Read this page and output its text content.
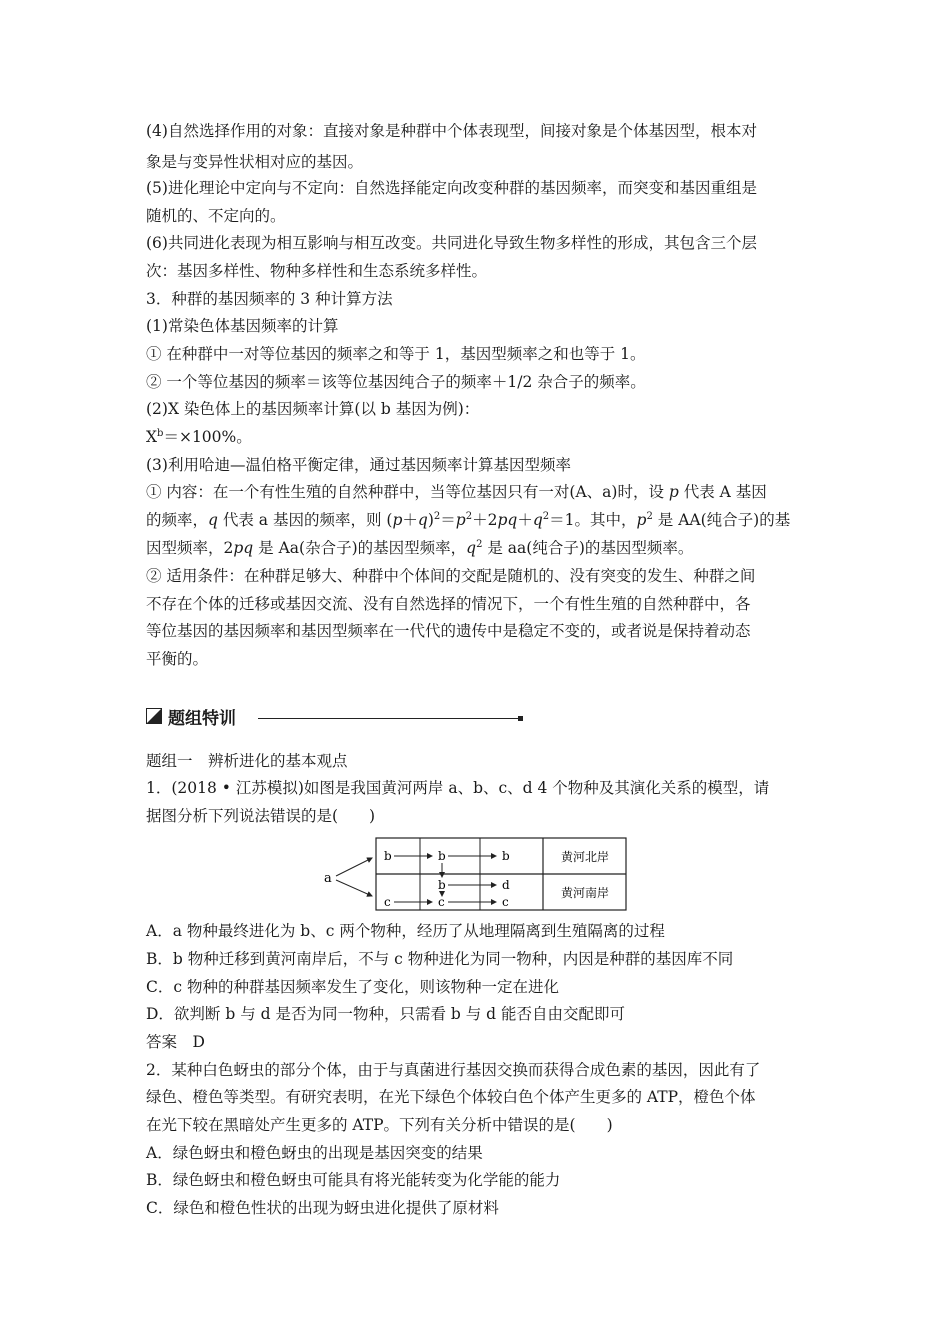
(4)自然选择作用的对象：直接对象是种群中个体表现型，间接对象是个体基因型，根本对
象是与变异性状相对应的基因。
(5)进化理论中定向与不定向：自然选择能定向改变种群的基因频率，而突变和基因重组是
随机的、不定向的。
(6)共同进化表现为相互影响与相互改变。共同进化导致生物多样性的形成，其包含三个层
次：基因多样性、物种多样性和生态系统多样性。
3．种群的基因频率的 3 种计算方法
(1)常染色体基因频率的计算
① 在种群中一对等位基因的频率之和等于 1，基因型频率之和也等于 1。
② 一个等位基因的频率＝该等位基因纯合子的频率＋1/2 杂合子的频率。
(2)X 染色体上的基因频率计算(以 b 基因为例)：
$X^b=\times 100\%$。
(3)利用哈迪—温伯格平衡定律，通过基因频率计算基因型频率
① 内容：在一个有性生殖的自然种群中，当等位基因只有一对(A、a)时，设 p 代表 A 基因
的频率，q 代表 a 基因的频率，则 $(p+q)^2=p^2+2pq+q^2=1$。其中，$p^2$ 是 AA(纯合子)的基
因型频率，2pq 是 Aa(杂合子)的基因型频率，$q^2$ 是 aa(纯合子)的基因型频率。
② 适用条件：在种群足够大、种群中个体间的交配是随机的、没有突变的发生、种群之间
不存在个体的迁移或基因交流、没有自然选择的情况下，一个有性生殖的自然种群中，各
等位基因的基因频率和基因型频率在一代代的遗传中是稳定不变的，或者说是保持着动态
平衡的。
题组特训
题组一　辨析进化的基本观点
1．(2018 • 江苏模拟)如图是我国黄河两岸 a、b、c、d 4 个物种及其演化关系的模型，请
据图分析下列说法错误的是(　　)
a
b	b	b
b	d
c	c	c
黄河北岸
黄河南岸
A．a 物种最终进化为 b、c 两个物种，经历了从地理隔离到生殖隔离的过程
B．b 物种迁移到黄河南岸后，不与 c 物种进化为同一物种，内因是种群的基因库不同
C．c 物种的种群基因频率发生了变化，则该物种一定在进化
D．欲判断 b 与 d 是否为同一物种，只需看 b 与 d 能否自由交配即可
答案　D
2．某种白色蚜虫的部分个体，由于与真菌进行基因交换而获得合成色素的基因，因此有了
绿色、橙色等类型。有研究表明，在光下绿色个体较白色个体产生更多的 ATP，橙色个体
在光下较在黑暗处产生更多的 ATP。下列有关分析中错误的是(　　)
A．绿色蚜虫和橙色蚜虫的出现是基因突变的结果
B．绿色蚜虫和橙色蚜虫可能具有将光能转变为化学能的能力
C．绿色和橙色性状的出现为蚜虫进化提供了原材料
